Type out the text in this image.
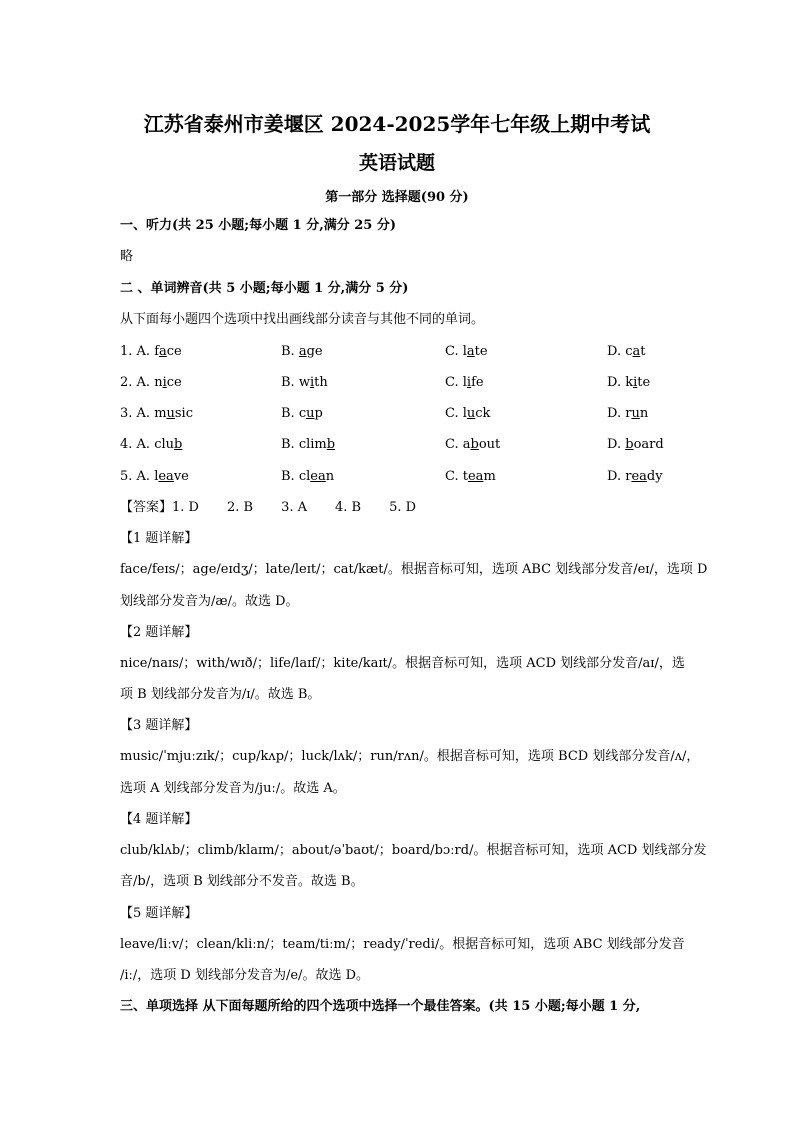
江苏省泰州市姜堰区 2024-2025学年七年级上期中考试
英语试题
第一部分 选择题(90 分)
一、听力(共 25 小题;每小题 1 分,满分 25 分)
略
二 、单词辨音(共 5 小题;每小题 1 分,满分 5 分)
从下面每小题四个选项中找出画线部分读音与其他不同的单词。
1. A. face	B. age	C. late	D. cat
2. A. nice	B. with	C. life	D. kite
3. A. music	B. cup	C. luck	D. run
4. A. club	B. climb	C. about	D. board
5. A. leave	B. clean	C. team	D. ready
【答案】1. D 2. B 3. A 4. B 5. D
【1 题详解】
face/feɪs/；age/eɪdʒ/；late/leɪt/；cat/kæt/。根据音标可知，选项 ABC 划线部分发音/eɪ/，选项 D
划线部分发音为/æ/。故选 D。
【2 题详解】
nice/naɪs/；with/wɪð/；life/laɪf/；kite/kaɪt/。根据音标可知，选项 ACD 划线部分发音/aɪ/，选
项 B 划线部分发音为/ɪ/。故选 B。
【3 题详解】
music/ˈmjuːzɪk/；cup/kʌp/；luck/lʌk/；run/rʌn/。根据音标可知，选项 BCD 划线部分发音/ʌ/，
选项 A 划线部分发音为/juː/。故选 A。
【4 题详解】
club/klʌb/；climb/klaɪm/；about/əˈbaʊt/；board/bɔːrd/。根据音标可知，选项 ACD 划线部分发
音/b/，选项 B 划线部分不发音。故选 B。
【5 题详解】
leave/liːv/；clean/kliːn/；team/tiːm/；ready/ˈredi/。根据音标可知，选项 ABC 划线部分发音
/iː/，选项 D 划线部分发音为/e/。故选 D。
三、单项选择 从下面每题所给的四个选项中选择一个最佳答案。(共 15 小题;每小题 1 分,
